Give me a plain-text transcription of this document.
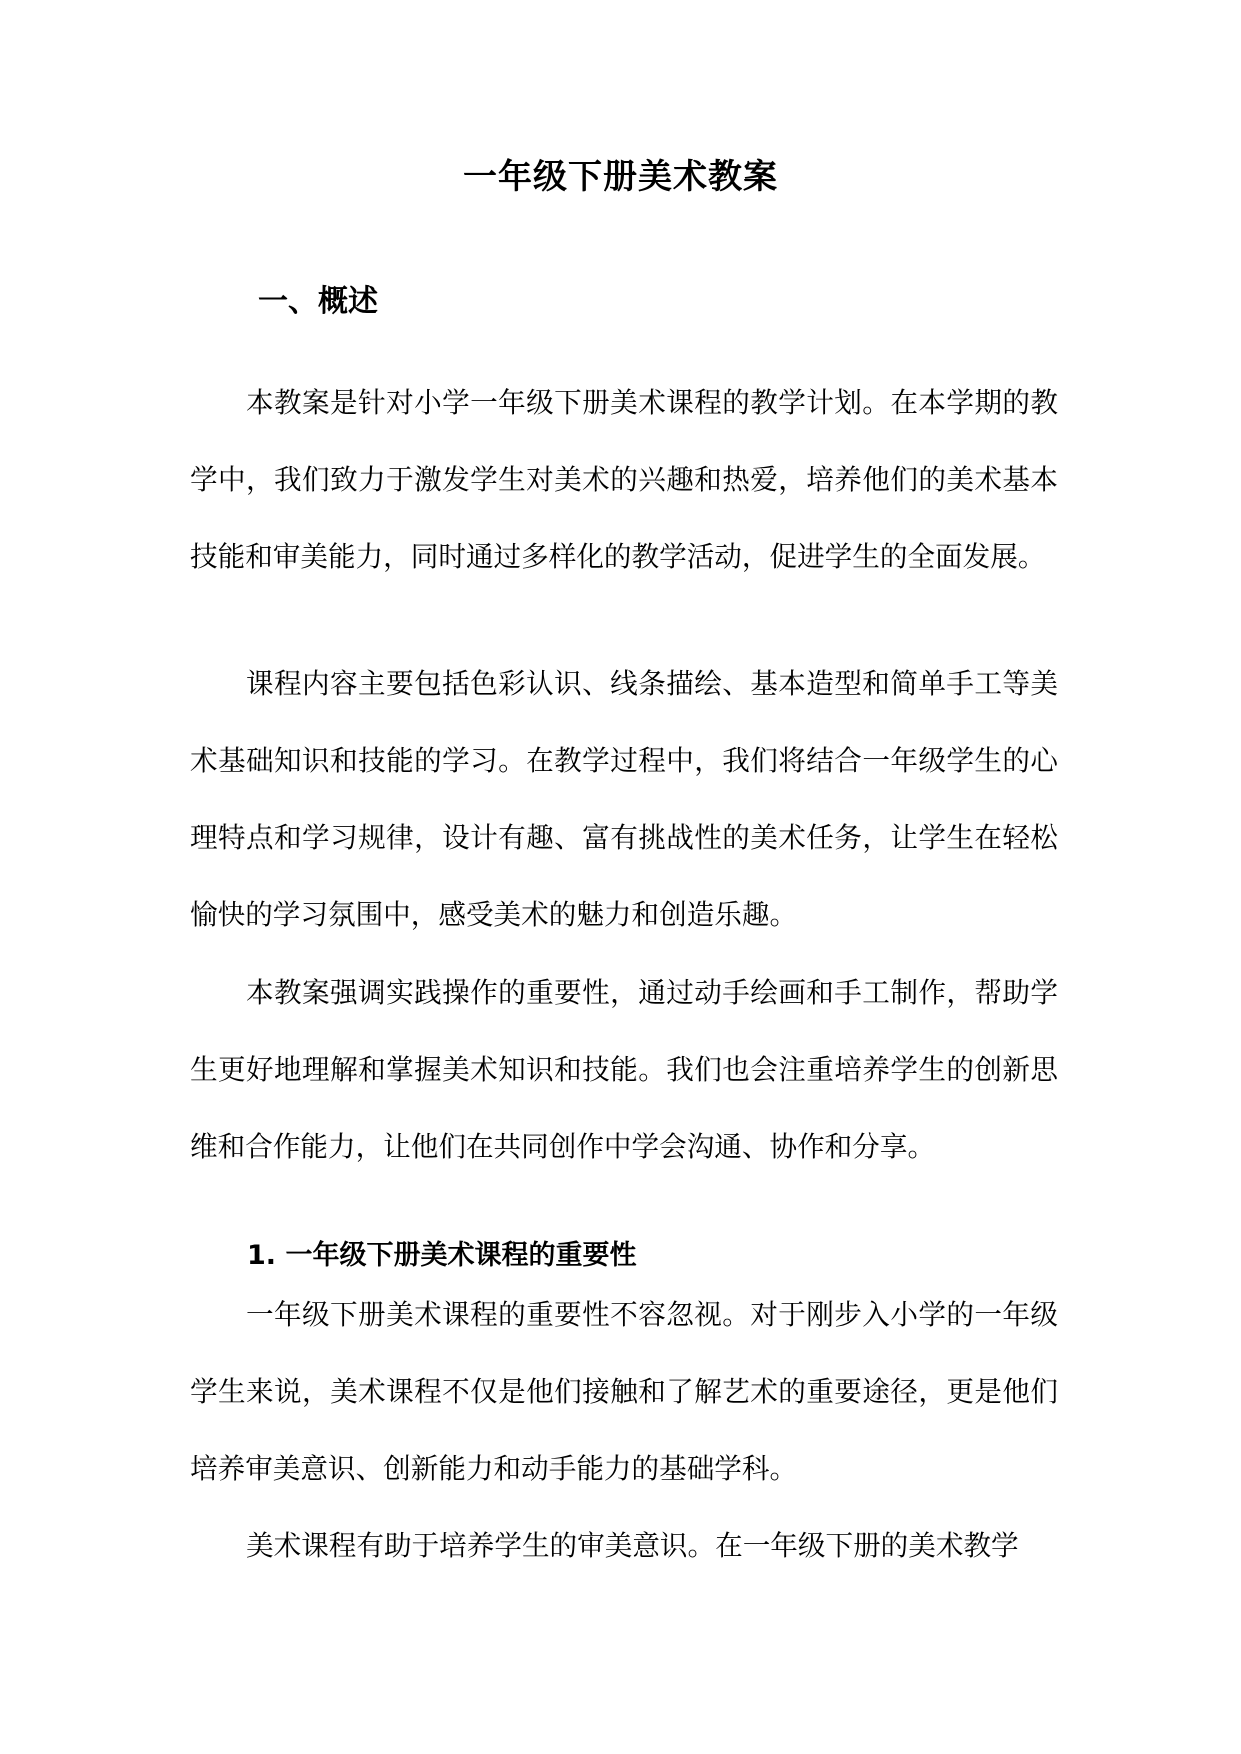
一年级下册美术教案
一、概述

本教案是针对小学一年级下册美术课程的教学计划。在本学期的教学中，我们致力于激发学生对美术的兴趣和热爱，培养他们的美术基本技能和审美能力，同时通过多样化的教学活动，促进学生的全面发展。

课程内容主要包括色彩认识、线条描绘、基本造型和简单手工等美术基础知识和技能的学习。在教学过程中，我们将结合一年级学生的心理特点和学习规律，设计有趣、富有挑战性的美术任务，让学生在轻松愉快的学习氛围中，感受美术的魅力和创造乐趣。

本教案强调实践操作的重要性，通过动手绘画和手工制作，帮助学生更好地理解和掌握美术知识和技能。我们也会注重培养学生的创新思维和合作能力，让他们在共同创作中学会沟通、协作和分享。

1. 一年级下册美术课程的重要性

一年级下册美术课程的重要性不容忽视。对于刚步入小学的一年级学生来说，美术课程不仅是他们接触和了解艺术的重要途径，更是他们培养审美意识、创新能力和动手能力的基础学科。

美术课程有助于培养学生的审美意识。在一年级下册的美术教学
